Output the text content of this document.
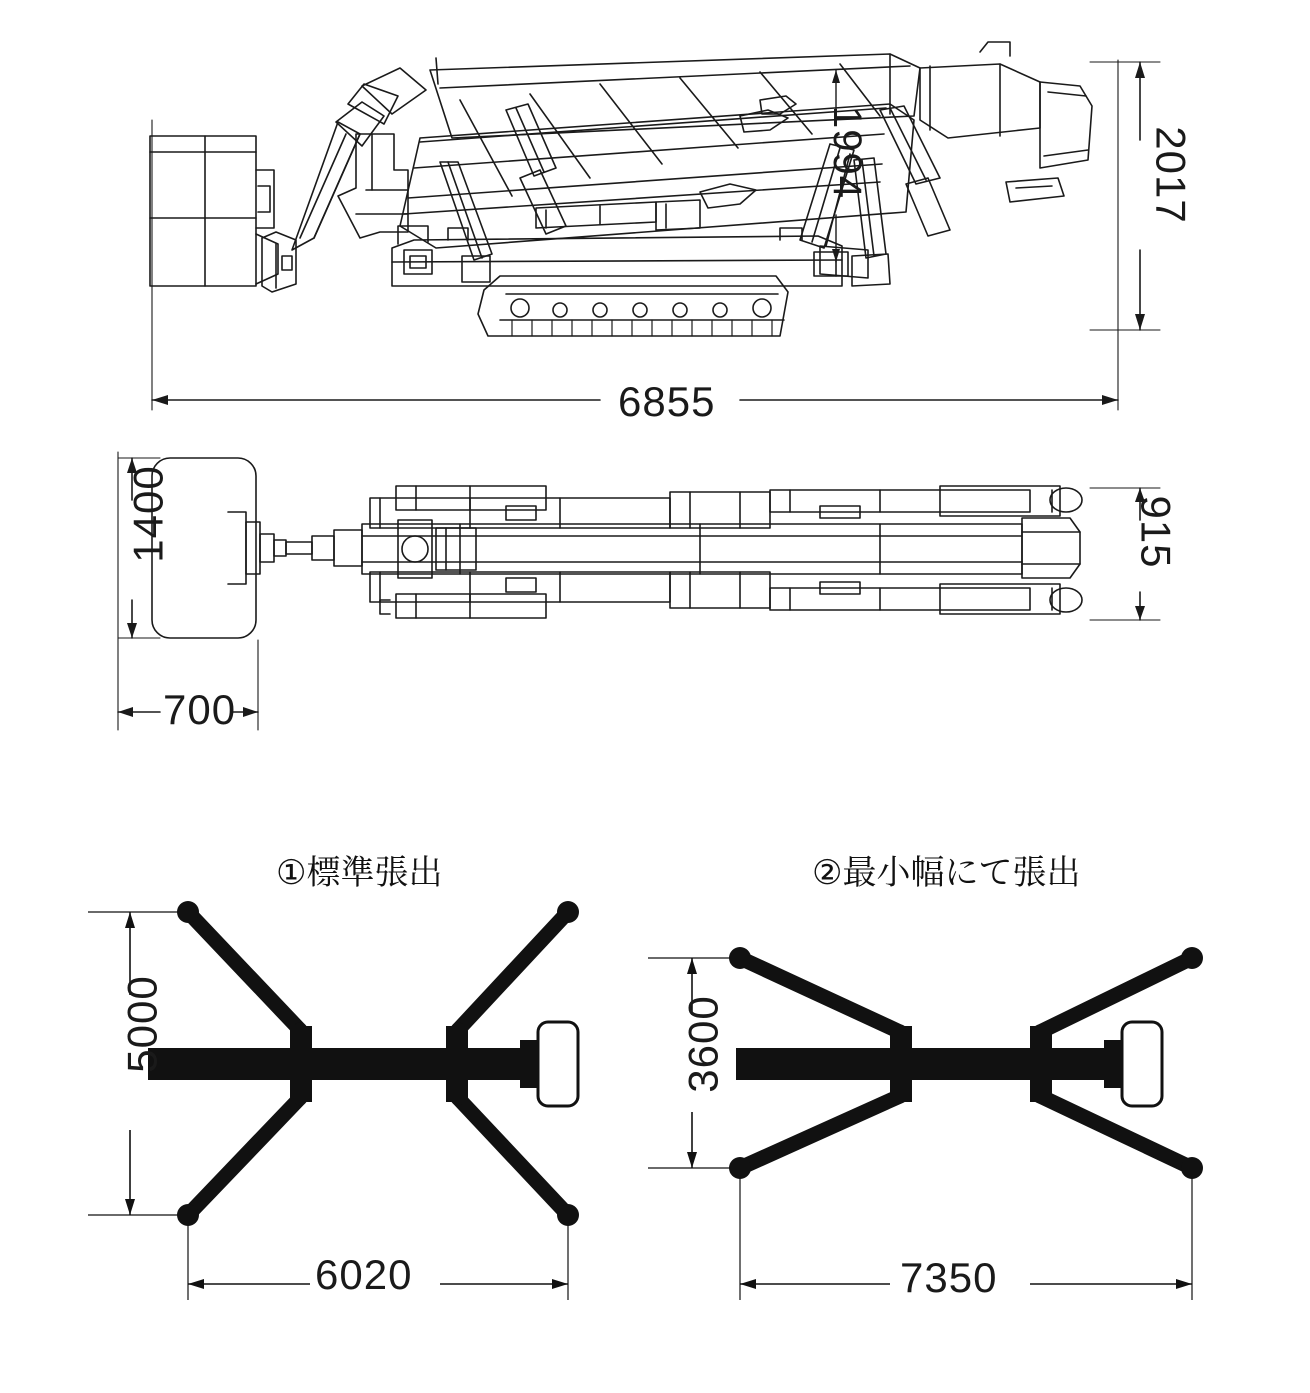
6855
2017
1994
1400
700
915
5000
6020
3600
7350
①標準張出	②最小幅にて張出
